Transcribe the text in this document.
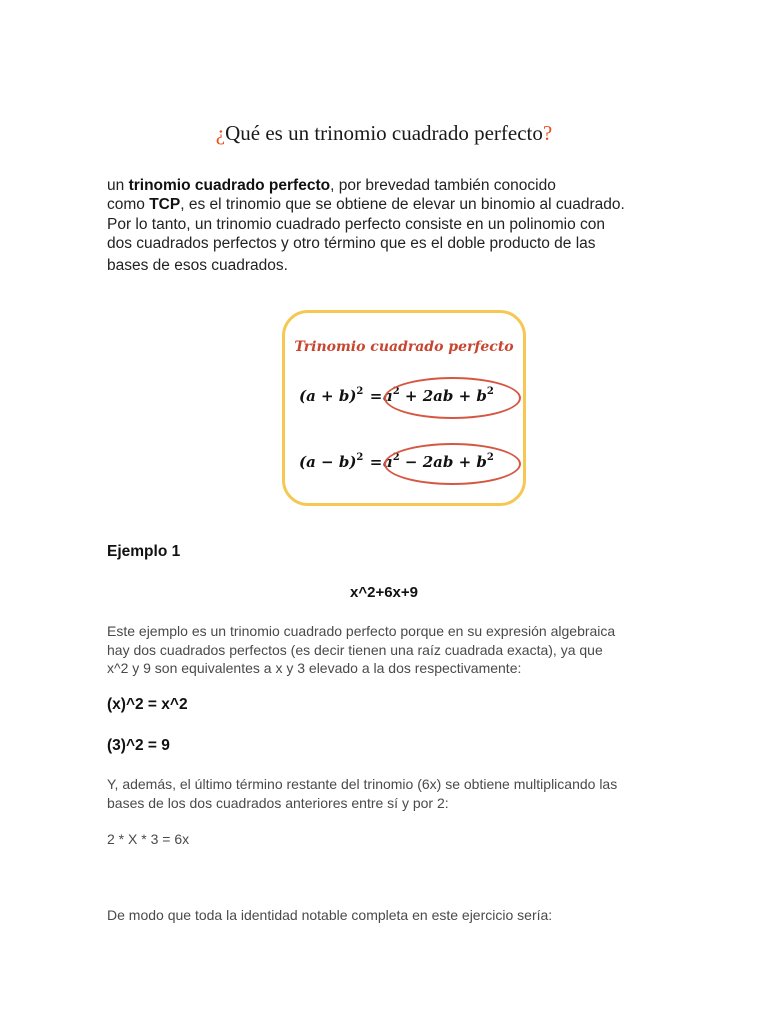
¿Qué es un trinomio cuadrado perfecto?
un trinomio cuadrado perfecto, por brevedad también conocido
como TCP, es el trinomio que se obtiene de elevar un binomio al cuadrado.
Por lo tanto, un trinomio cuadrado perfecto consiste en un polinomio con
dos cuadrados perfectos y otro término que es el doble producto de las
bases de esos cuadrados.
Trinomio cuadrado perfecto
$(a + b)^2 =a^2 + 2ab + b^2$
$(a - b)^2 =a^2 - 2ab + b^2$
Ejemplo 1
x^2+6x+9
Este ejemplo es un trinomio cuadrado perfecto porque en su expresión algebraica
hay dos cuadrados perfectos (es decir tienen una raíz cuadrada exacta), ya que
x^2 y 9 son equivalentes a x y 3 elevado a la dos respectivamente:
(x)^2 = x^2
(3)^2 = 9
Y, además, el último término restante del trinomio (6x) se obtiene multiplicando las
bases de los dos cuadrados anteriores entre sí y por 2:
2 * X * 3 = 6x
De modo que toda la identidad notable completa en este ejercicio sería:
